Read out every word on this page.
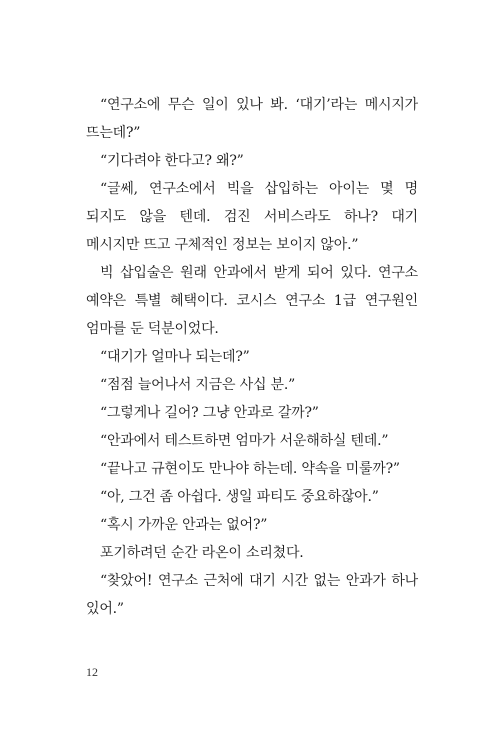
“연구소에 무슨 일이 있나 봐. ‘대기’라는 메시지가 뜨는데?”

“기다려야 한다고? 왜?”

“글쎄, 연구소에서 빅을 삽입하는 아이는 몇 명 되지도 않을 텐데. 검진 서비스라도 하나? 대기 메시지만 뜨고 구체적인 정보는 보이지 않아.”

빅 삽입술은 원래 안과에서 받게 되어 있다. 연구소 예약은 특별 혜택이다. 코시스 연구소 1급 연구원인 엄마를 둔 덕분이었다.

“대기가 얼마나 되는데?”

“점점 늘어나서 지금은 사십 분.”

“그렇게나 길어? 그냥 안과로 갈까?”

“안과에서 테스트하면 엄마가 서운해하실 텐데.”

“끝나고 규현이도 만나야 하는데. 약속을 미룰까?”

“아, 그건 좀 아쉽다. 생일 파티도 중요하잖아.”

“혹시 가까운 안과는 없어?”

포기하려던 순간 라온이 소리쳤다.

“찾았어! 연구소 근처에 대기 시간 없는 안과가 하나 있어.”

12
